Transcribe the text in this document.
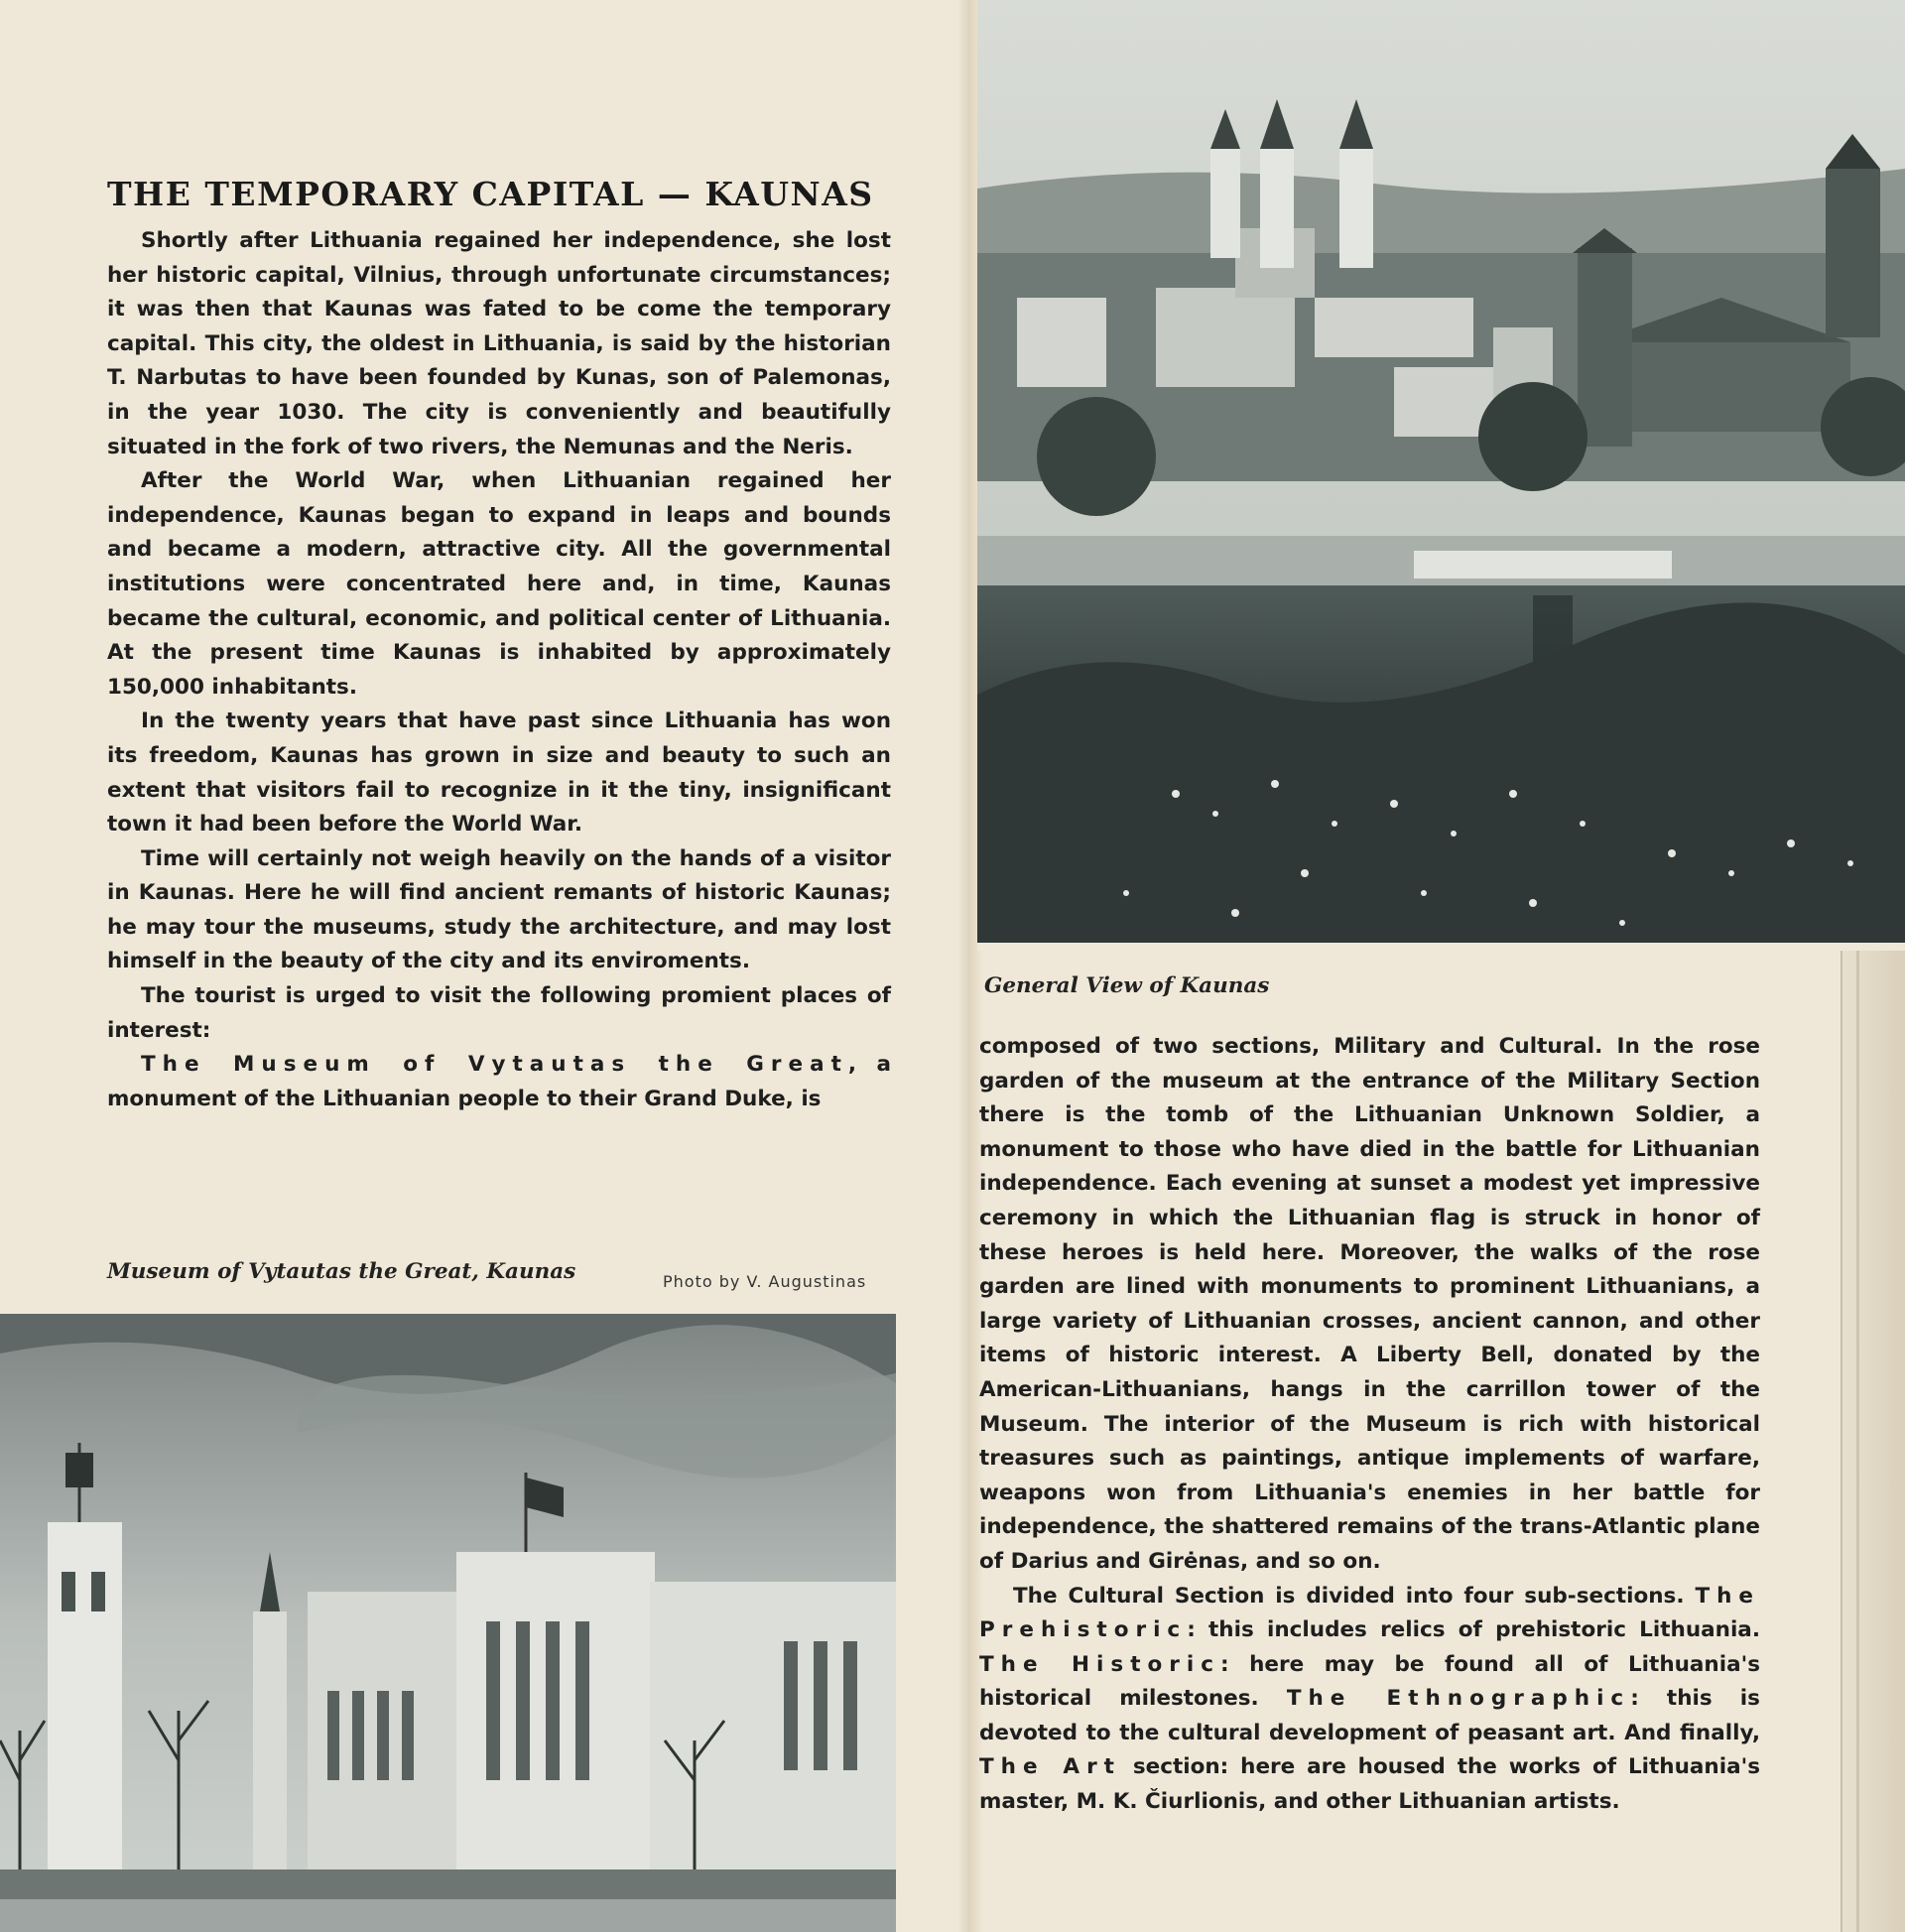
THE TEMPORARY CAPITAL — KAUNAS

Shortly after Lithuania regained her independence, she lost her historic capital, Vilnius, through unfortunate circumstances; it was then that Kaunas was fated to be come the temporary capital. This city, the oldest in Lithuania, is said by the historian T. Narbutas to have been founded by Kunas, son of Palemonas, in the year 1030. The city is conveniently and beautifully situated in the fork of two rivers, the Nemunas and the Neris.

After the World War, when Lithuanian regained her independence, Kaunas began to expand in leaps and bounds and became a modern, attractive city. All the governmental institutions were concentrated here and, in time, Kaunas became the cultural, economic, and political center of Lithuania. At the present time Kaunas is inhabited by approximately 150,000 inhabitants.

In the twenty years that have past since Lithuania has won its freedom, Kaunas has grown in size and beauty to such an extent that visitors fail to recognize in it the tiny, insignificant town it had been before the World War.

Time will certainly not weigh heavily on the hands of a visitor in Kaunas. Here he will find ancient remants of historic Kaunas; he may tour the museums, study the architecture, and may lost himself in the beauty of the city and its enviroments.

The tourist is urged to visit the following promient places of interest:

The Museum of Vytautas the Great, a monument of the Lithuanian people to their Grand Duke, is

Museum of Vytautas the Great, Kaunas	Photo by V. Augustinas
General View of Kaunas

composed of two sections, Military and Cultural. In the rose garden of the museum at the entrance of the Military Section there is the tomb of the Lithuanian Unknown Soldier, a monument to those who have died in the battle for Lithuanian independence. Each evening at sunset a modest yet impressive ceremony in which the Lithuanian flag is struck in honor of these heroes is held here. Moreover, the walks of the rose garden are lined with monuments to prominent Lithuanians, a large variety of Lithuanian crosses, ancient cannon, and other items of historic interest. A Liberty Bell, donated by the American-Lithuanians, hangs in the carrillon tower of the Museum. The interior of the Museum is rich with historical treasures such as paintings, antique implements of warfare, weapons won from Lithuania's enemies in her battle for independence, the shattered remains of the trans-Atlantic plane of Darius and Girėnas, and so on.

The Cultural Section is divided into four sub-sections. The Prehistoric: this includes relics of prehistoric Lithuania. The Historic: here may be found all of Lithuania's historical milestones. The Ethnographic: this is devoted to the cultural development of peasant art. And finally, The Art section: here are housed the works of Lithuania's master, M. K. Čiurlionis, and other Lithuanian artists.
